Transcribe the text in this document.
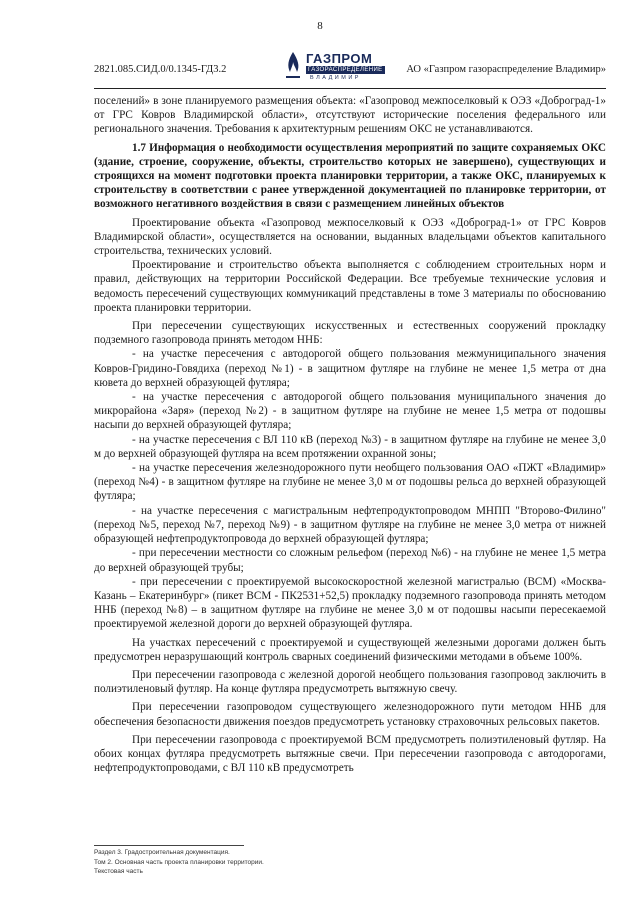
8
2821.085.СИД.0/0.1345-ГД3.2
ГАЗПРОМ
ГАЗОРАСПРЕДЕЛЕНИЕ
ВЛАДИМИР
АО «Газпром газораспределение Владимир»

поселений» в зоне планируемого размещения объекта: «Газопровод межпоселковый к ОЭЗ «Доброград-1» от ГРС Ковров Владимирской области», отсутствуют исторические поселения федерального или регионального значения. Требования к архитектурным решениям ОКС не устанавливаются.

1.7 Информация о необходимости осуществления мероприятий по защите сохраняемых ОКС (здание, строение, сооружение, объекты, строительство которых не завершено), существующих и строящихся на момент подготовки проекта планировки территории, а также ОКС, планируемых к строительству в соответствии с ранее утвержденной документацией по планировке территории, от возможного негативного воздействия в связи с размещением линейных объектов

Проектирование объекта «Газопровод межпоселковый к ОЭЗ «Доброград-1» от ГРС Ковров Владимирской области», осуществляется на основании, выданных владельцами объектов капитального строительства, технических условий.

Проектирование и строительство объекта выполняется с соблюдением строительных норм и правил, действующих на территории Российской Федерации. Все требуемые технические условия и ведомость пересечений существующих коммуникаций представлены в томе 3 материалы по обоснованию проекта планировки территории.

При пересечении существующих искусственных и естественных сооружений прокладку подземного газопровода принять методом ННБ:

- на участке пересечения с автодорогой общего пользования межмуниципального значения Ковров-Гридино-Говядиха (переход №1) - в защитном футляре на глубине не менее 1,5 метра от дна кювета до верхней образующей футляра;

- на участке пересечения с автодорогой общего пользования муниципального значения до микрорайона «Заря» (переход №2) - в защитном футляре на глубине не менее 1,5 метра от подошвы насыпи до верхней образующей футляра;

- на участке пересечения с ВЛ 110 кВ (переход №3) - в защитном футляре на глубине не менее 3,0 м до верхней образующей футляра на всем протяжении охранной зоны;

- на участке пересечения железнодорожного пути необщего пользования ОАО «ПЖТ «Владимир» (переход №4) - в защитном футляре на глубине не менее 3,0 м от подошвы рельса до верхней образующей футляра;

- на участке пересечения с магистральным нефтепродуктопроводом МНПП "Второво-Филино" (переход №5, переход №7, переход №9) - в защитном футляре на глубине не менее 3,0 метра от нижней образующей нефтепродуктопровода до верхней образующей футляра;

- при пересечении местности со сложным рельефом (переход №6) - на глубине не менее 1,5 метра до верхней образующей трубы;

- при пересечении с проектируемой высокоскоростной железной магистралью (ВСМ) «Москва-Казань – Екатеринбург» (пикет ВСМ - ПК2531+52,5) прокладку подземного газопровода принять методом ННБ (переход №8) – в защитном футляре на глубине не менее 3,0 м от подошвы насыпи пересекаемой проектируемой железной дороги до верхней образующей футляра.

На участках пересечений с проектируемой и существующей железными дорогами должен быть предусмотрен неразрушающий контроль сварных соединений физическими методами в объеме 100%.

При пересечении газопровода с железной дорогой необщего пользования газопровод заключить в полиэтиленовый футляр. На конце футляра предусмотреть вытяжную свечу.

При пересечении газопроводом существующего железнодорожного пути методом ННБ для обеспечения безопасности движения поездов предусмотреть установку страховочных рельсовых пакетов.

При пересечении газопровода с проектируемой ВСМ предусмотреть полиэтиленовый футляр. На обоих концах футляра предусмотреть вытяжные свечи. При пересечении газопровода с автодорогами, нефтепродуктопроводами, с ВЛ 110 кВ предусмотреть

Раздел 3. Градостроительная документация.
Том 2. Основная часть проекта планировки территории.
Текстовая часть
